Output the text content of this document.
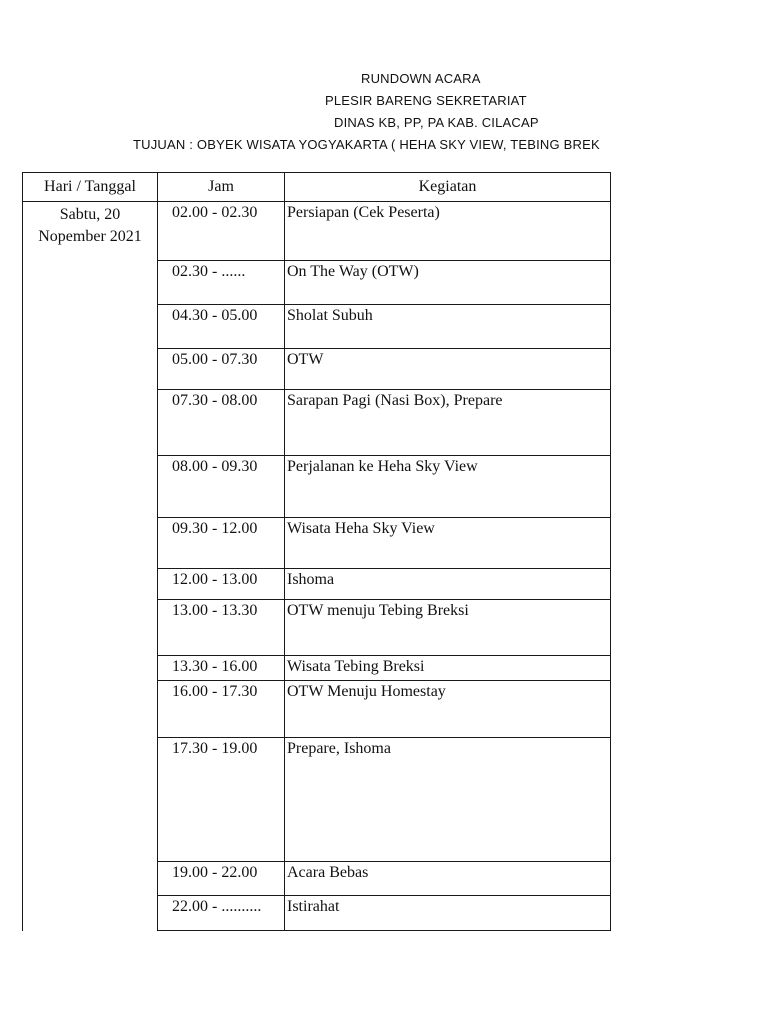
RUNDOWN ACARA
PLESIR BARENG SEKRETARIAT
DINAS KB, PP, PA KAB. CILACAP
TUJUAN : OBYEK WISATA YOGYAKARTA ( HEHA SKY VIEW, TEBING BREK
Hari / Tanggal	Jam	Kegiatan

Sabtu, 20
Nopember 2021	02.00 - 02.30	Persiapan (Cek Peserta)
	02.30 - ......	On The Way (OTW)
	04.30 - 05.00	Sholat Subuh
	05.00 - 07.30	OTW
	07.30 - 08.00	Sarapan Pagi (Nasi Box), Prepare
	08.00 - 09.30	Perjalanan ke Heha Sky View
	09.30 - 12.00	Wisata Heha Sky View
	12.00 - 13.00	Ishoma
	13.00 - 13.30	OTW menuju Tebing Breksi
	13.30 - 16.00	Wisata Tebing Breksi
	16.00 - 17.30	OTW Menuju Homestay
	17.30 - 19.00	Prepare, Ishoma
	19.00 - 22.00	Acara Bebas
	22.00 - ..........	Istirahat
